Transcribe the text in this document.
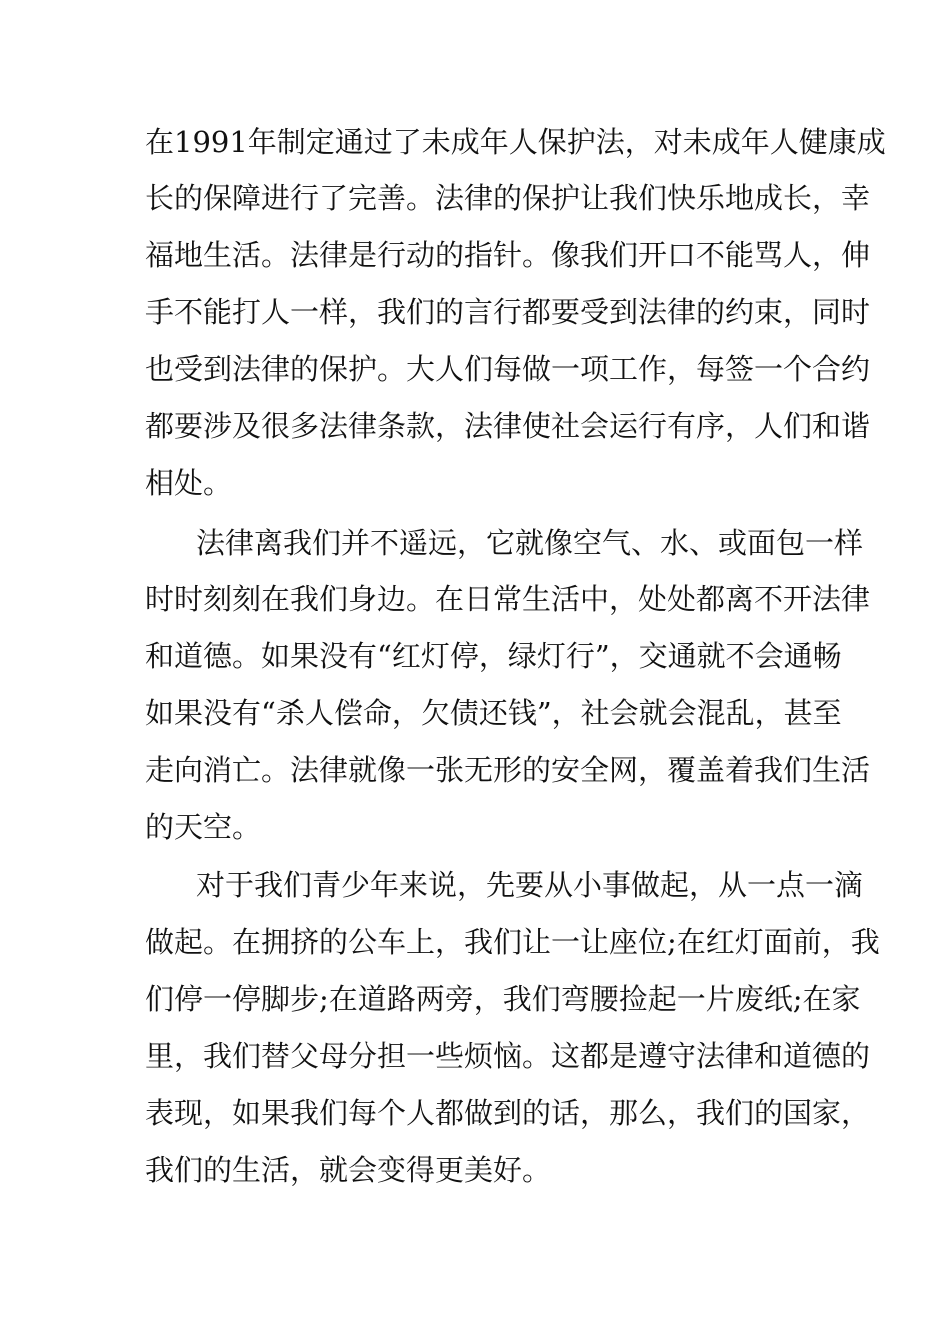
在1991年制定通过了未成年人保护法，对未成年人健康成

长的保障进行了完善。法律的保护让我们快乐地成长，幸

福地生活。法律是行动的指针。像我们开口不能骂人，伸

手不能打人一样，我们的言行都要受到法律的约束，同时

也受到法律的保护。大人们每做一项工作，每签一个合约

都要涉及很多法律条款，法律使社会运行有序，人们和谐

相处。

法律离我们并不遥远，它就像空气、水、或面包一样

时时刻刻在我们身边。在日常生活中，处处都离不开法律

和道德。如果没有“红灯停，绿灯行”，交通就不会通畅

如果没有“杀人偿命，欠债还钱”，社会就会混乱，甚至

走向消亡。法律就像一张无形的安全网，覆盖着我们生活

的天空。

对于我们青少年来说，先要从小事做起，从一点一滴

做起。在拥挤的公车上，我们让一让座位;在红灯面前，我

们停一停脚步;在道路两旁，我们弯腰捡起一片废纸;在家

里，我们替父母分担一些烦恼。这都是遵守法律和道德的

表现，如果我们每个人都做到的话，那么，我们的国家，

我们的生活，就会变得更美好。
